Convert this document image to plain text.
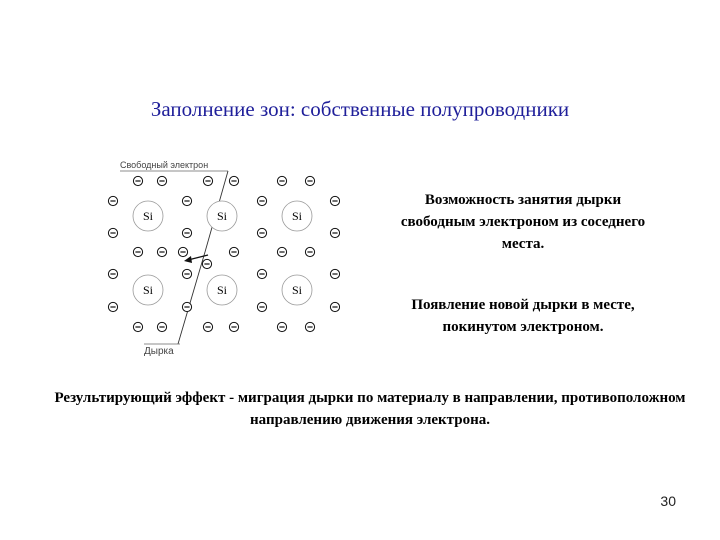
Заполнение зон: собственные полупроводники
Свободный электрон
Дырка
Si	Si	Si
Si	Si	Si
Возможность занятия дырки свободным электроном из соседнего места.
Появление новой дырки в месте, покинутом электроном.
Результирующий эффект - миграция дырки по материалу в направлении, противоположном направлению движения электрона.
30
